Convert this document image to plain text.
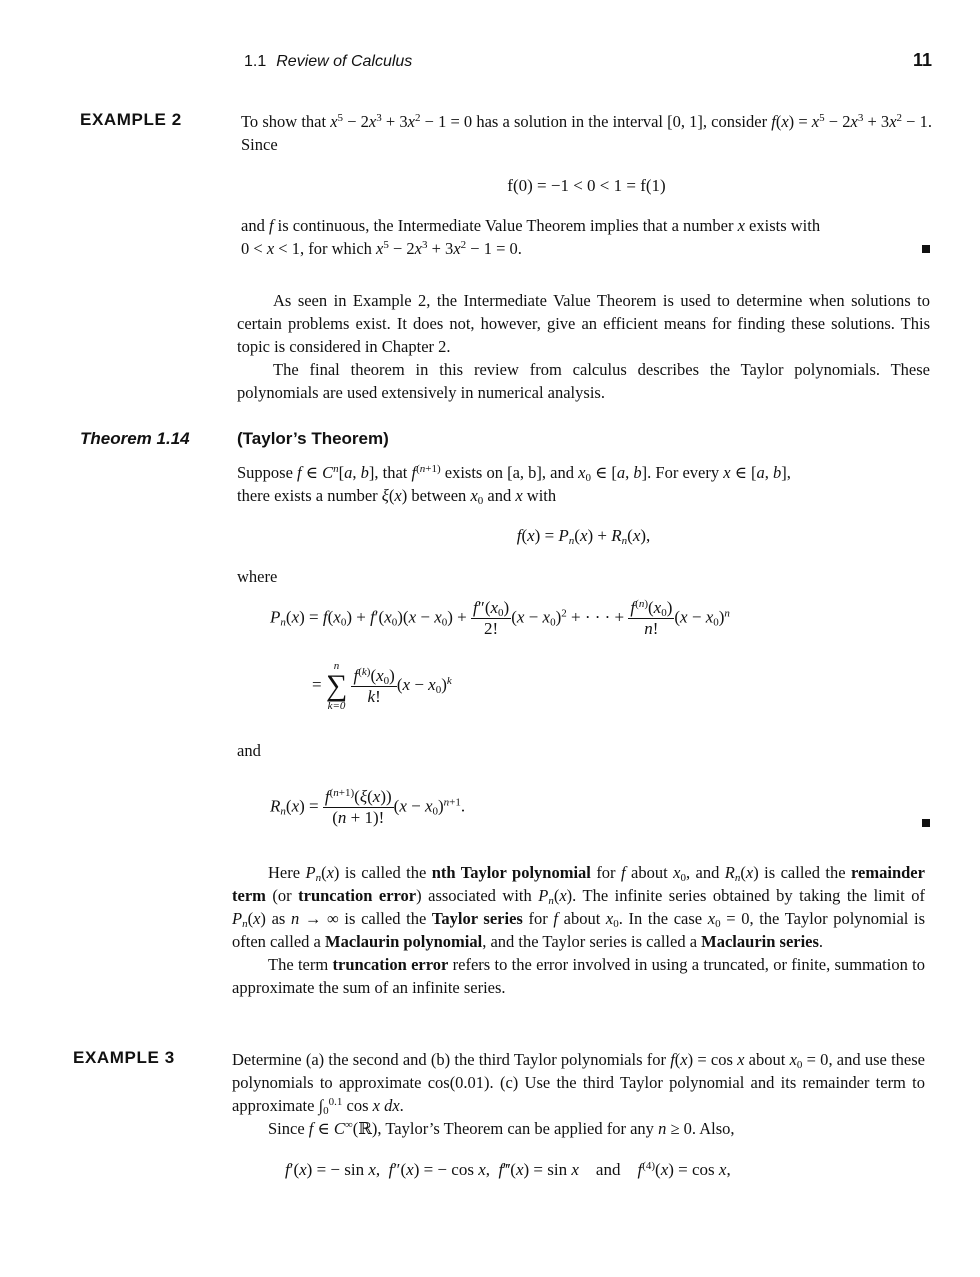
1.1 Review of Calculus	11
EXAMPLE 2	To show that $x^5 - 2x^3 + 3x^2 - 1 = 0$ has a solution in the interval [0, 1], consider $f(x) = x^5 - 2x^3 + 3x^2 - 1$. Since
f(0) = −1 < 0 < 1 = f(1)
and f is continuous, the Intermediate Value Theorem implies that a number x exists with
0 < x < 1, for which $x^5 - 2x^3 + 3x^2 - 1 = 0$.

As seen in Example 2, the Intermediate Value Theorem is used to determine when solutions to certain problems exist. It does not, however, give an efficient means for finding these solutions. This topic is considered in Chapter 2.

The final theorem in this review from calculus describes the Taylor polynomials. These polynomials are used extensively in numerical analysis.

Theorem 1.14	(Taylor’s Theorem)
Suppose f ∈ $C^n[a$, b], that $f^{(n+1)}$ exists on [a, b], and $x_0$ ∈ [a, b]. For every x ∈ [a, b],
there exists a number ξ(x) between $x_0$ and x with
$f(x) = P_n(x) + R_n(x)$,
where
$P_n(x) = f(x_0) + f'(x_0)(x - x_0) + \frac{f''(x_0)}{2!} (x - x_0)^2$ + · · · + $\frac{f^{(n)}(x_0)}{n!} (x - x_0)^n$
=
n
∑
k=0
$\frac{f^{(k)}(x_0)}{k!} (x - x_0)^k$
and
$R_n(x) = \frac{f^{(n+1)}(\xi(x))}{(n + 1)!} (x - x_0)^{n+1}$.

Here $P_n(x)$ is called the nth Taylor polynomial for f about $x_0$, and $R_n(x)$ is called the remainder term (or truncation error) associated with $P_n(x)$. The infinite series obtained by taking the limit of $P_n(x)$ as n → ∞ is called the Taylor series for f about $x_0$. In the case $x_0 = 0$, the Taylor polynomial is often called a Maclaurin polynomial, and the Taylor series is called a Maclaurin series.

The term truncation error refers to the error involved in using a truncated, or finite, summation to approximate the sum of an infinite series.

EXAMPLE 3	Determine (a) the second and (b) the third Taylor polynomials for f(x) = cos x about $x_0 = 0$, and use these polynomials to approximate cos(0.01). (c) Use the third Taylor polynomial and its remainder term to approximate $\int_0^{0.1}$ cos x dx.
Since f ∈ C∞(ℝ), Taylor’s Theorem can be applied for any n ≥ 0. Also,
f′(x) = − sin x,  f″(x) = − cos x,  f‴(x) = sin x and $f^{(4)}(x) = \cos x$,
